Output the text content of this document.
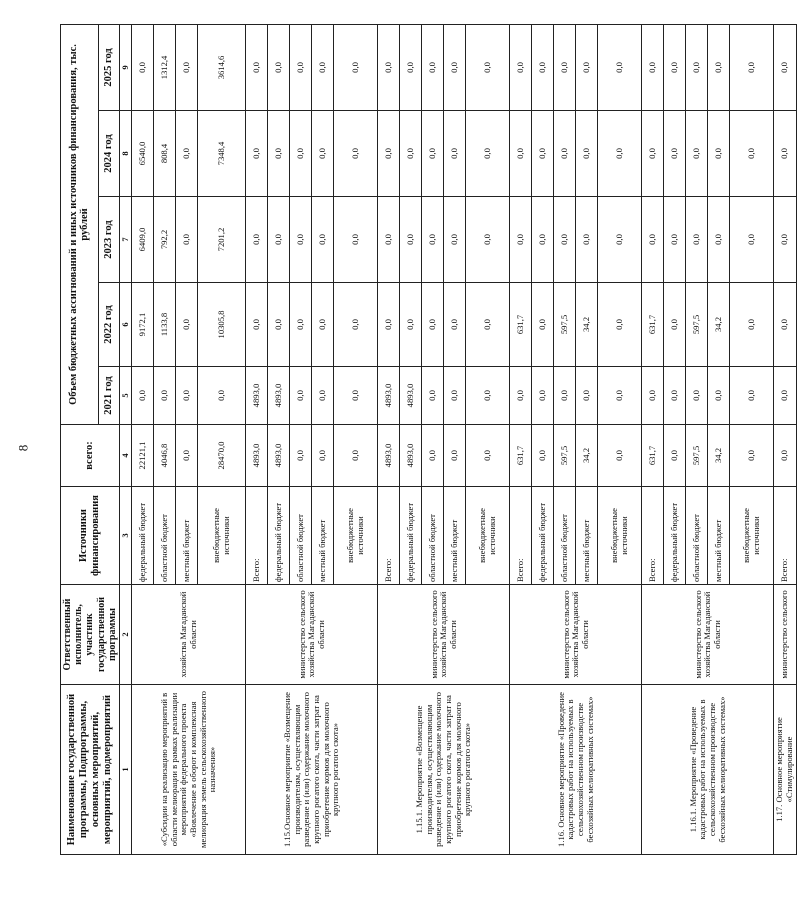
8
Наименование государственной программы, Подпрограммы, основных мероприятий, мероприятий, подмероприятий	Ответственный исполнитель, участник государственной программы	Источники финансирования	всего:	Объем бюджетных ассигнований и иных источников финансирования, тыс. рублей				
				2021 год	2022 год	2023 год	2024 год	2025 год
1	2	3	4	5	6	7	8	9
«Субсидии на реализацию мероприятий в области мелиорации в рамках реализации мероприятий федерального проекта «Вовлечение в оборот и комплексная мелиорация земель сельскохозяйственного назначения»	хозяйства Магаданской области	федеральный бюджет	22121,1	0,0	9172,1	6409,0	6540,0	0,0
		областной бюджет	4046,8	0,0	1133,8	792,2	808,4	1312,4
		местный бюджет	0,0	0,0	0,0	0,0	0,0	0,0
		внебюджетные источники	28470,0	0,0	10305,8	7201,2	7348,4	3614,6
1.15.Основное мероприятие «Возмещение производителям, осуществляющим разведение и (или) содержание молочного крупного рогатого скота, части затрат на приобретение кормов для молочного крупного рогатого скота»	министерство сельского хозяйства Магаданской области	Всего:	4893,0	4893,0	0,0	0,0	0,0	0,0
		федеральный бюджет	4893,0	4893,0	0,0	0,0	0,0	0,0
		областной бюджет	0,0	0,0	0,0	0,0	0,0	0,0
		местный бюджет	0,0	0,0	0,0	0,0	0,0	0,0
		внебюджетные источники	0,0	0,0	0,0	0,0	0,0	0,0
1.15.1. Мероприятие «Возмещение производителям, осуществляющим разведение и (или) содержание молочного крупного рогатого скота, части затрат на приобретение кормов для молочного крупного рогатого скота»	министерство сельского хозяйства Магаданской области	Всего:	4893,0	4893,0	0,0	0,0	0,0	0,0
		федеральный бюджет	4893,0	4893,0	0,0	0,0	0,0	0,0
		областной бюджет	0,0	0,0	0,0	0,0	0,0	0,0
		местный бюджет	0,0	0,0	0,0	0,0	0,0	0,0
		внебюджетные источники	0,0	0,0	0,0	0,0	0,0	0,0
1.16. Основное мероприятие «Проведение кадастровых работ на используемых в сельскохозяйственном производстве бесхозяйных мелиоративных системах»	министерство сельского хозяйства Магаданской области	Всего:	631,7	0,0	631,7	0,0	0,0	0,0
		федеральный бюджет	0,0	0,0	0,0	0,0	0,0	0,0
		областной бюджет	597,5	0,0	597,5	0,0	0,0	0,0
		местный бюджет	34,2	0,0	34,2	0,0	0,0	0,0
		внебюджетные источники	0,0	0,0	0,0	0,0	0,0	0,0
1.16.1. Мероприятие «Проведение кадастровых работ на используемых в сельскохозяйственном производстве бесхозяйных мелиоративных системах»	министерство сельского хозяйства Магаданской области	Всего:	631,7	0,0	631,7	0,0	0,0	0,0
		федеральный бюджет	0,0	0,0	0,0	0,0	0,0	0,0
		областной бюджет	597,5	0,0	597,5	0,0	0,0	0,0
		местный бюджет	34,2	0,0	34,2	0,0	0,0	0,0
		внебюджетные источники	0,0	0,0	0,0	0,0	0,0	0,0
1.17. Основное мероприятие «Стимулирование	министерство сельского	Всего:	0,0	0,0	0,0	0,0	0,0	0,0
